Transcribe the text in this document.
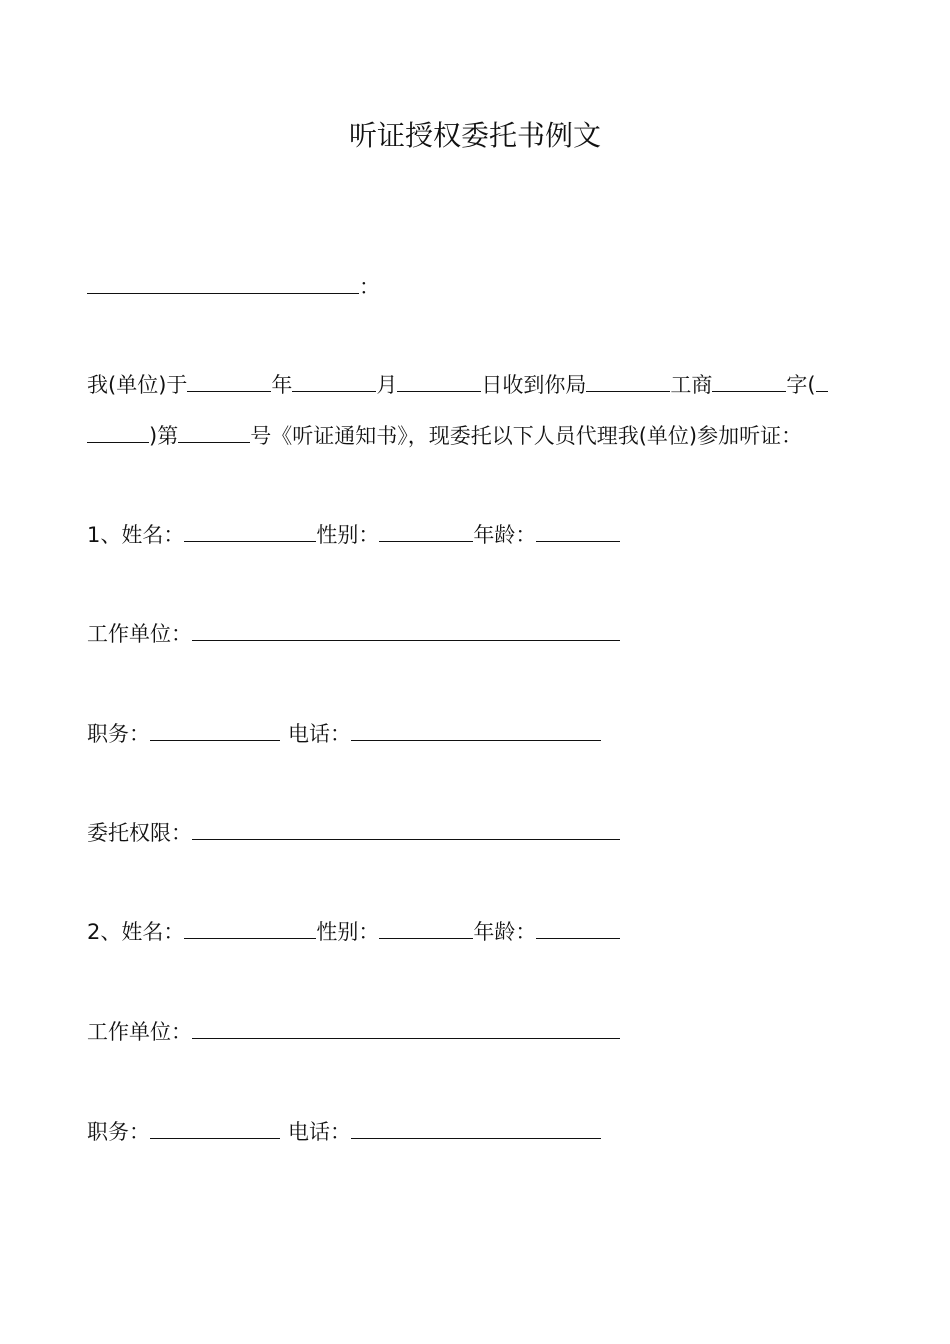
听证授权委托书例文
：
我(单位)于	年	月	日收到你局	工商	字(
)第	号《听证通知书》，现委托以下人员代理我(单位)参加听证：
1、姓名：	性别：	年龄：
工作单位：
职务：	电话：
委托权限：
2、姓名：	性别：	年龄：
工作单位：
职务：	电话：
